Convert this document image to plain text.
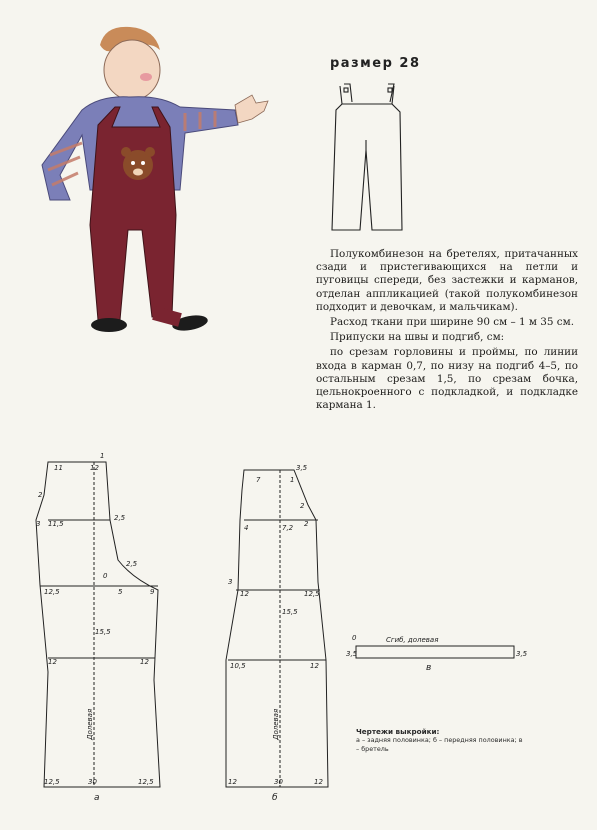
размер 28

Полукомбинезон на бретелях, притачанных сзади и пристегивающихся на петли и пуговицы спереди, без застежки и карманов, отделан аппликацией (такой полукомбинезон подходит и девочкам, и мальчикам).

Расход ткани при ширине 90 см – 1 м 35 см.

Припуски на швы и подгиб, см:

по срезам горловины и проймы, по линии входа в карман 0,7, по низу на подгиб 4–5, по остальным срезам 1,5, по срезам бочка, цельнокроенного с подкладкой, и подкладке кармана 1.

1
11	12
2
3 11,5
2,5
2,5
0
5	9
12,5
15,5
12	12
12,5	30	12,5
а
Долевая
3,5
1
7
2
4	7,2 2
12
3
12,5
15,5
10,5	12
12	30	12
б
Долевая
0	Сгиб, долевая
3,5	3,5
в
Чертежи выкройки:
а – задняя половинка; б – передняя половинка; в – бретель
